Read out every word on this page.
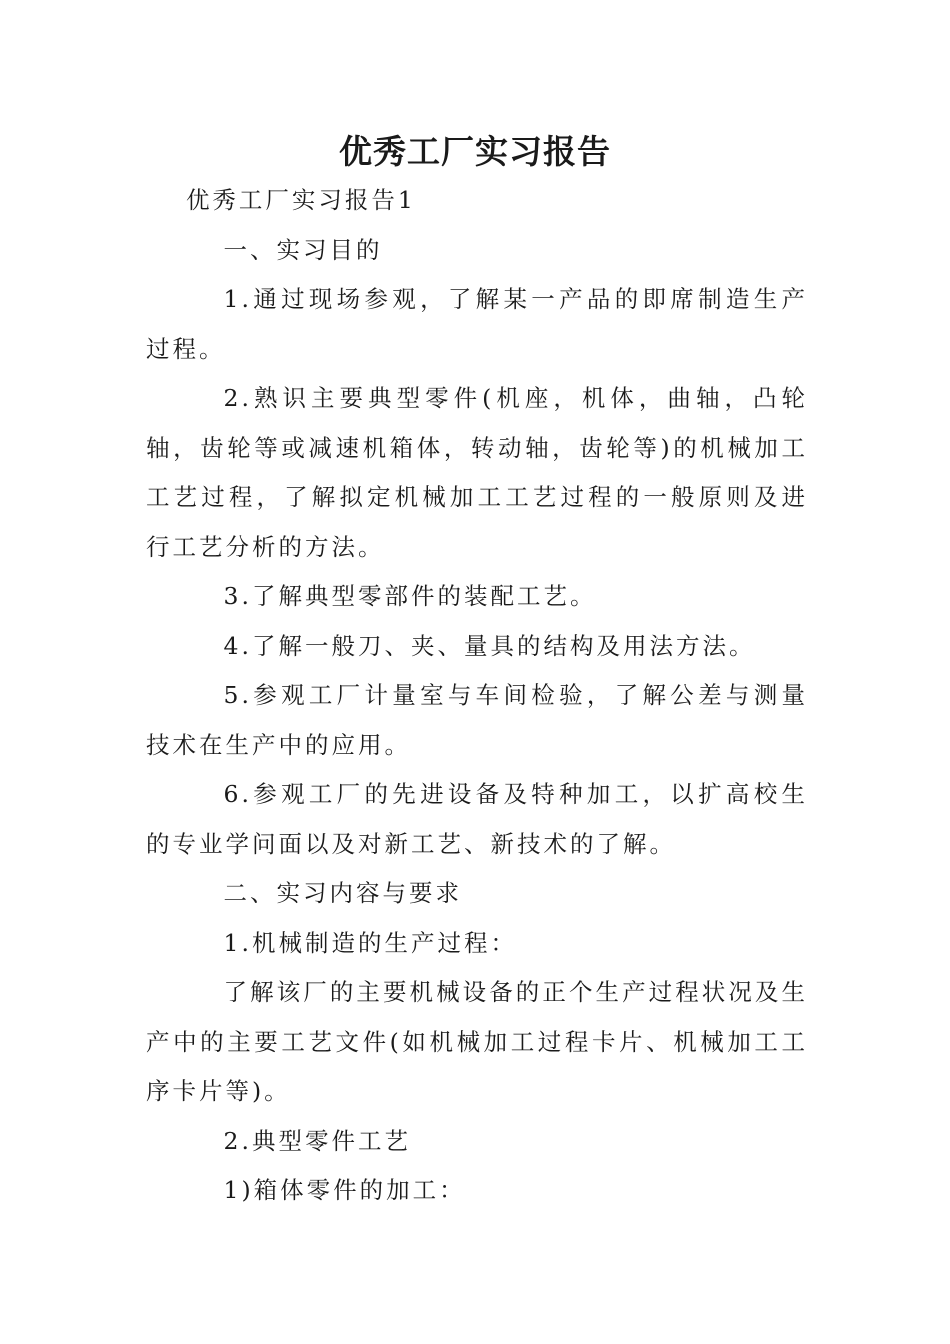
优秀工厂实习报告

优秀工厂实习报告1

一、实习目的

1.通过现场参观，了解某一产品的即席制造生产过程。

2.熟识主要典型零件(机座，机体，曲轴，凸轮轴，齿轮等或减速机箱体，转动轴，齿轮等)的机械加工工艺过程，了解拟定机械加工工艺过程的一般原则及进行工艺分析的方法。

3.了解典型零部件的装配工艺。

4.了解一般刀、夹、量具的结构及用法方法。

5.参观工厂计量室与车间检验，了解公差与测量技术在生产中的应用。

6.参观工厂的先进设备及特种加工，以扩高校生的专业学问面以及对新工艺、新技术的了解。

二、实习内容与要求

1.机械制造的生产过程：

了解该厂的主要机械设备的正个生产过程状况及生产中的主要工艺文件(如机械加工过程卡片、机械加工工序卡片等)。

2.典型零件工艺

1)箱体零件的加工：
